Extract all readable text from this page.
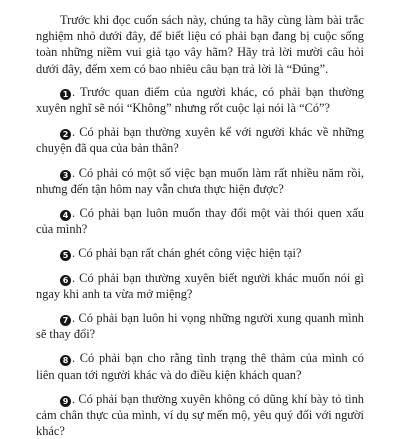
Trước khi đọc cuốn sách này, chúng ta hãy cùng làm bài trắc nghiệm nhỏ dưới đây, để biết liệu có phải bạn đang bị cuộc sống toàn những niềm vui giả tạo vây hãm? Hãy trả lời mười câu hỏi dưới đây, đếm xem có bao nhiêu câu bạn trả lời là “Đúng”.

1 . Trước quan điểm của người khác, có phải bạn thường xuyên nghĩ sẽ nói “Không” nhưng rốt cuộc lại nói là “Có”?

2 . Có phải bạn thường xuyên kể với người khác về những chuyện đã qua của bản thân?

3 . Có phải có một số việc bạn muốn làm rất nhiều năm rồi, nhưng đến tận hôm nay vẫn chưa thực hiện được?

4 . Có phải bạn luôn muốn thay đổi một vài thói quen xấu của mình?

5 . Có phải bạn rất chán ghét công việc hiện tại?

6 . Có phải bạn thường xuyên biết người khác muốn nói gì ngay khi anh ta vừa mở miệng?

7 . Có phải bạn luôn hi vọng những người xung quanh mình sẽ thay đổi?

8 . Có phải bạn cho rằng tình trạng thê thảm của mình có liên quan tới người khác và do điều kiện khách quan?

9 . Có phải bạn thường xuyên không có dũng khí bày tỏ tình cảm chân thực của mình, ví dụ sự mến mộ, yêu quý đối với người khác?
